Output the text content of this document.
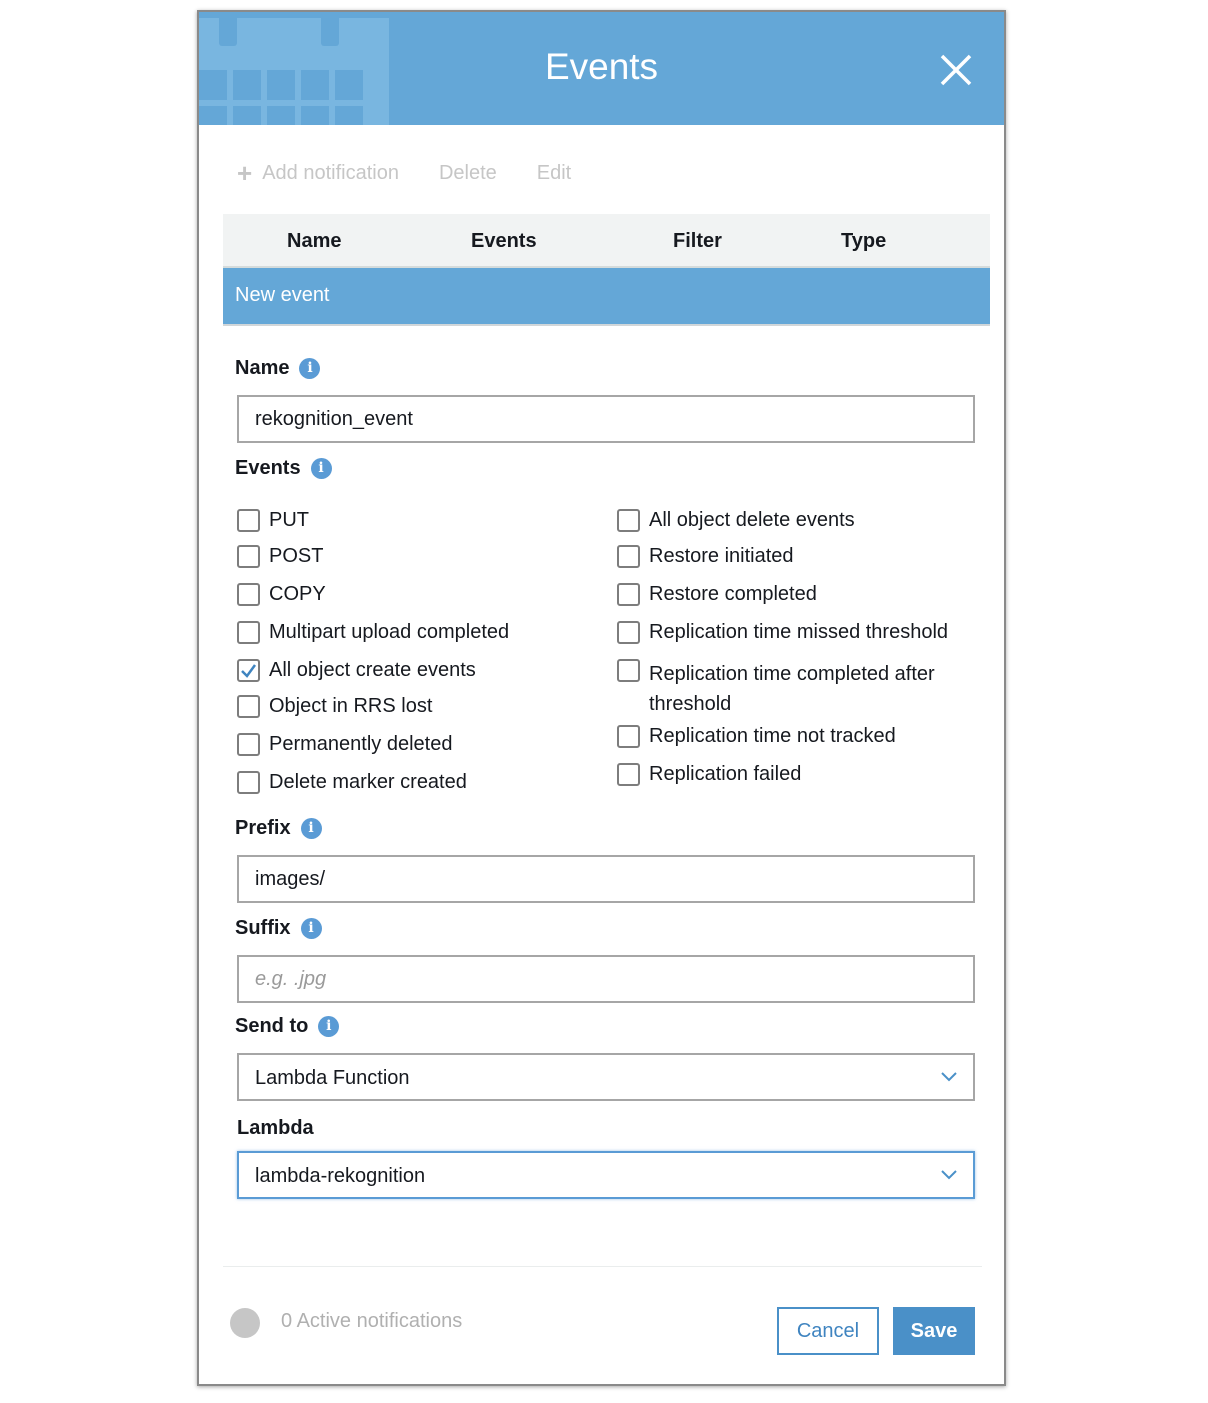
Events
+ Add notification Delete Edit
Name	Events	Filter	Type
New event
Name	i
rekognition_event
Events	i
PUT
POST
COPY
Multipart upload completed
All object create events
Object in RRS lost
Permanently deleted
Delete marker created
All object delete events
Restore initiated
Restore completed
Replication time missed threshold
Replication time completed after threshold
Replication time not tracked
Replication failed
Prefix	i
images/
Suffix	i
e.g. .jpg
Send to	i
Lambda Function
Lambda
lambda-rekognition
0 Active notifications	Cancel	Save
